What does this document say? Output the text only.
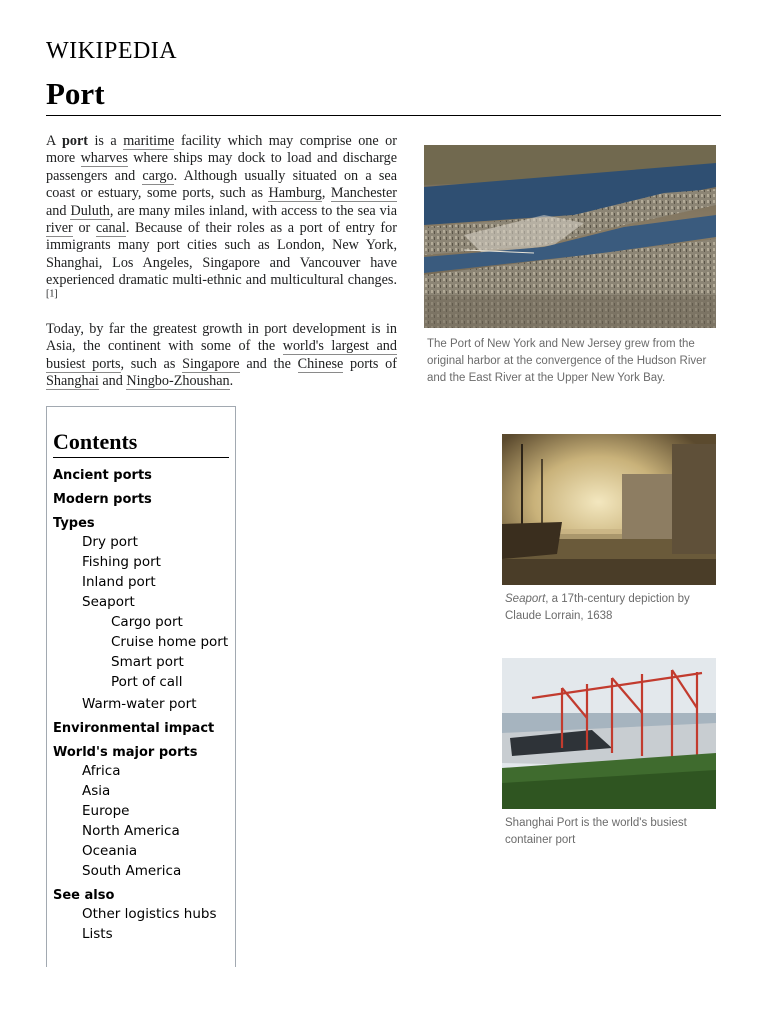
WIKIPEDIA
Port

A port is a maritime facility which may comprise one or more wharves where ships may dock to load and discharge passengers and cargo. Although usually situated on a sea coast or estuary, some ports, such as Hamburg, Manchester and Duluth, are many miles inland, with access to the sea via river or canal. Because of their roles as a port of entry for immigrants many port cities such as London, New York, Shanghai, Los Angeles, Singapore and Vancouver have experienced dramatic multi-ethnic and multicultural changes.[1]

Today, by far the greatest growth in port development is in Asia, the continent with some of the world's largest and busiest ports, such as Singapore and the Chinese ports of Shanghai and Ningbo-Zhoushan.

The Port of New York and New Jersey grew from the original harbor at the convergence of the Hudson River and the East River at the Upper New York Bay.
Seaport, a 17th-century depiction by Claude Lorrain, 1638
Shanghai Port is the world's busiest container port
Contents
Ancient ports
Modern ports
Types
Dry port
Fishing port
Inland port
Seaport
Cargo port
Cruise home port
Smart port
Port of call
Warm-water port
Environmental impact
World's major ports
Africa
Asia
Europe
North America
Oceania
South America
See also
Other logistics hubs
Lists
